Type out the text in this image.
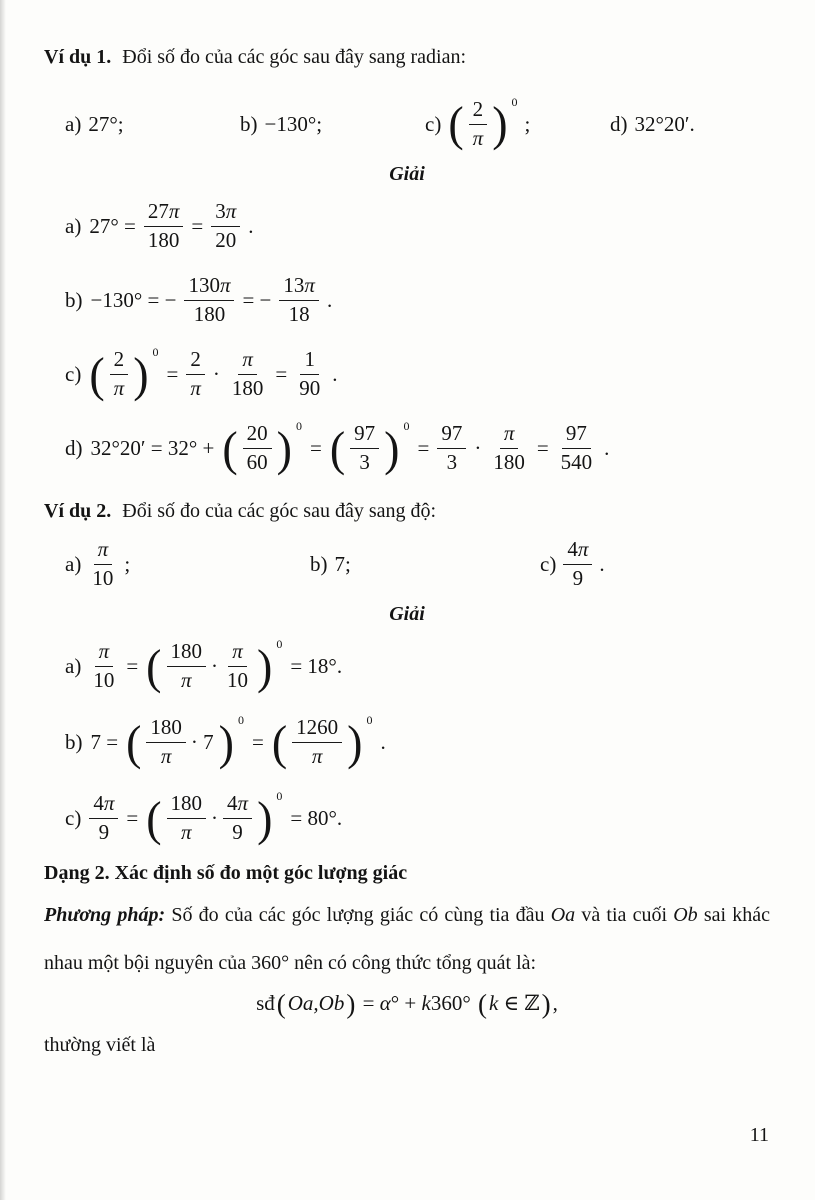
Ví dụ 1. Đổi số đo của các góc sau đây sang radian:

a) 27°;	b) −130°;	c) ( $\frac{2}{\pi}$ ) 0
;	d) 32°20′.

Giải

a) $27^\circ = \frac{27\pi}{180} = \frac{3\pi}{20}$ .
b) −130° = − $\frac{130\pi}{180}$ = − $\frac{13\pi}{18}$ .
c) ( $\frac{2}{\pi}$ ) 0
= $\frac{2}{\pi} \cdot \frac{\pi}{180} = \frac{1}{90}$ .
d) 32°20′ = 32° + ( $\frac{20}{60}$ ) 0
= ( $\frac{97}{3}$ ) 0
= $\frac{97}{3} \cdot \frac{\pi}{180} = \frac{97}{540}$ .

Ví dụ 2. Đổi số đo của các góc sau đây sang độ:

$a) \frac{\pi}{10}$ ;	b) 7;	$c) \frac{4\pi}{9}$ .

Giải

$a) \frac{\pi}{10}$ = ( $\frac{180}{\pi} \cdot \frac{\pi}{10}$ ) 0
= 18°.
b) 7 = ( $\frac{180}{\pi} \cdot 7$ ) 0
= ( $\frac{1260}{\pi}$ ) 0
.
$c) \frac{4\pi}{9}$ = ( $\frac{180}{\pi} \cdot \frac{4\pi}{9}$ ) 0
= 80°.

Dạng 2. Xác định số đo một góc lượng giác

Phương pháp: Số đo của các góc lượng giác có cùng tia đầu Oa và tia cuối Ob sai khác nhau một bội nguyên của 360° nên có công thức tổng quát là:

sđ(Oa,Ob) = α° + k360° (k ∈ ℤ),

thường viết là

11
